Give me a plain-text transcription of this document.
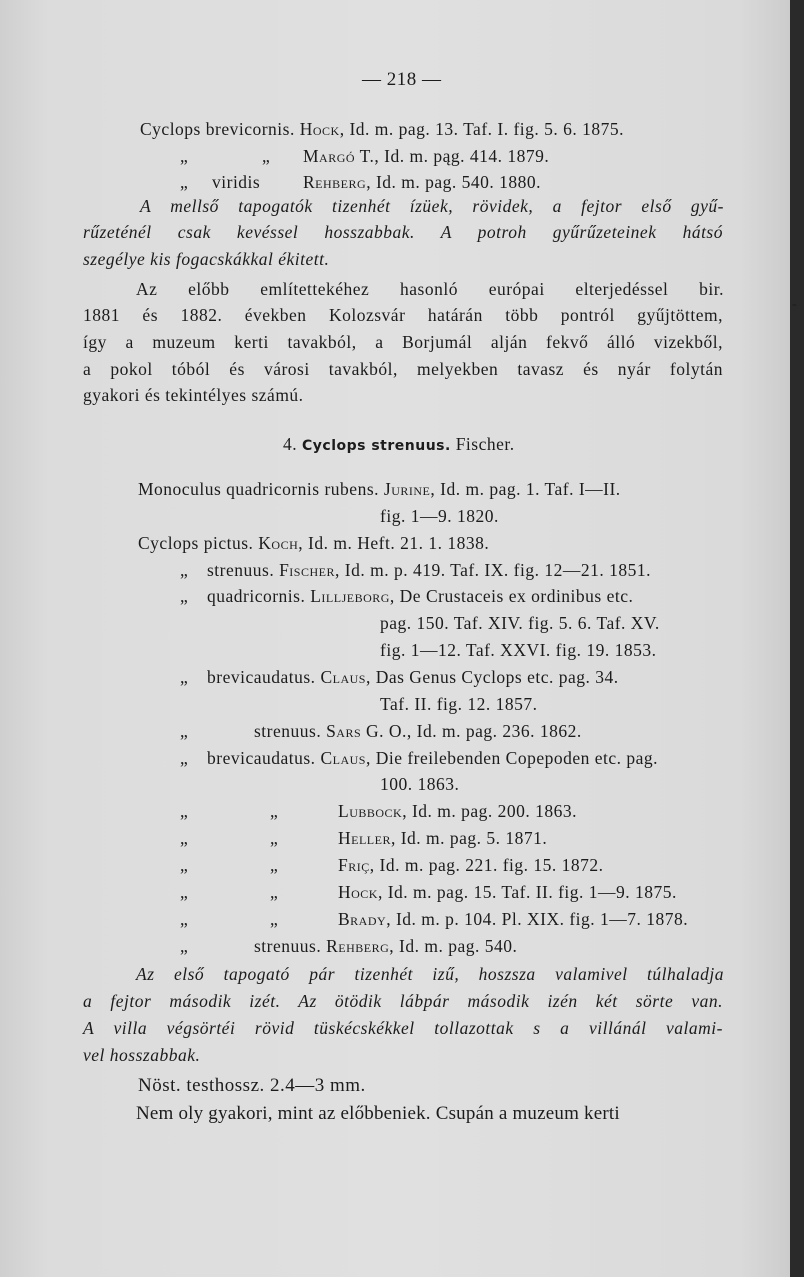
-
— 218 —
Cyclops brevicornis. Hock, Id. m. pag. 13. Taf. I. fig. 5. 6. 1875.
„	„ Margó T., Id. m. pąg. 414. 1879.
„ viridis Rehberg, Id. m. pag. 540. 1880.
A mellső tapogatók tizenhét ízüek, rövidek, a fejtor első gyű-
rűzeténél csak kevéssel hosszabbak. A potroh gyűrűzeteinek hátsó
szegélye kis fogacskákkal ékitett.
Az előbb említettekéhez hasonló európai elterjedéssel bir.
1881 és 1882. években Kolozsvár határán több pontról gyűjtöttem,
így a muzeum kerti tavakból, a Borjumál alján fekvő álló vizekből,
a pokol tóból és városi tavakból, melyekben tavasz és nyár folytán
gyakori és tekintélyes számú.
4. Cyclops strenuus. Fischer.
Monoculus quadricornis rubens. Jurine, Id. m. pag. 1. Taf. I—II.
fig. 1—9. 1820.
Cyclops pictus. Koch, Id. m. Heft. 21. 1. 1838.
„ strenuus. Fischer, Id. m. p. 419. Taf. IX. fig. 12—21. 1851.
„ quadricornis. Lilljeborg, De Crustaceis ex ordinibus etc.
pag. 150. Taf. XIV. fig. 5. 6. Taf. XV.
fig. 1—12. Taf. XXVI. fig. 19. 1853.
„ brevicaudatus. Claus, Das Genus Cyclops etc. pag. 34.
Taf. II. fig. 12. 1857.
„	strenuus. Sars G. O., Id. m. pag. 236. 1862.
„ brevicaudatus. Claus, Die freilebenden Copepoden etc. pag.
100. 1863.
„	„	Lubbock, Id. m. pag. 200. 1863.
„	„	Heller, Id. m. pag. 5. 1871.
„	„	Friç, Id. m. pag. 221. fig. 15. 1872.
„	„	Hock, Id. m. pag. 15. Taf. II. fig. 1—9. 1875.
„	„	Brady, Id. m. p. 104. Pl. XIX. fig. 1—7. 1878.
„	strenuus. Rehberg, Id. m. pag. 540.
Az első tapogató pár tizenhét izű, hoszsza valamivel túlhaladja
a fejtor második izét. Az ötödik lábpár második izén két sörte van.
A villa végsörtéi rövid tüskécskékkel tollazottak s a villánál valami-
vel hosszabbak.
Nöst. testhossz. 2.4—3 mm.
Nem oly gyakori, mint az előbbeniek. Csupán a muzeum kerti
